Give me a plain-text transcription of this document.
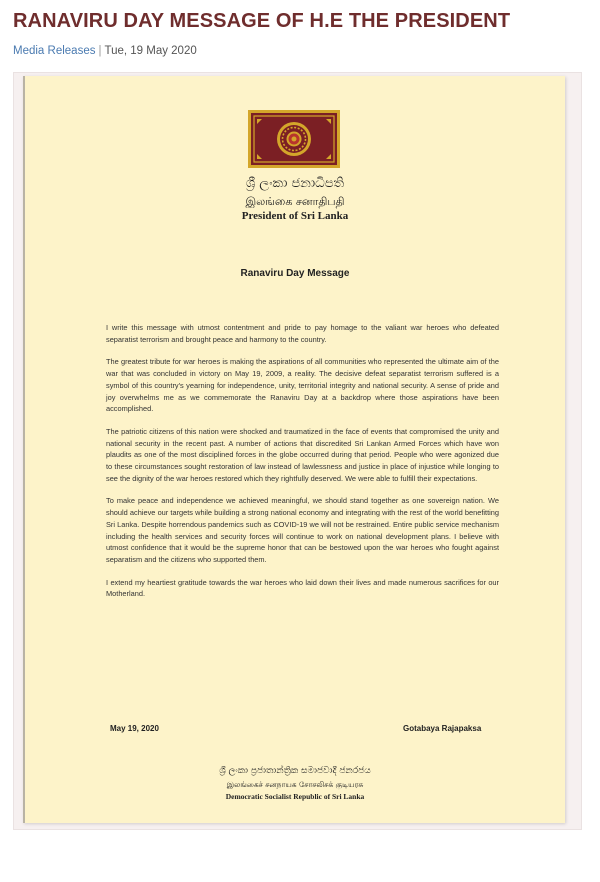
RANAVIRU DAY MESSAGE OF H.E THE PRESIDENT
Media Releases | Tue, 19 May 2020
ශ්‍රී ලංකා ජනාධිපති
இலங்கை சனாதிபதி
President of Sri Lanka
Ranaviru Day Message

I write this message with utmost contentment and pride to pay homage to the valiant war heroes who defeated separatist terrorism and brought peace and harmony to the country.

The greatest tribute for war heroes is making the aspirations of all communities who represented the ultimate aim of the war that was concluded in victory on May 19, 2009, a reality. The decisive defeat separatist terrorism suffered is a symbol of this country's yearning for independence, unity, territorial integrity and national security. A sense of pride and joy overwhelms me as we commemorate the Ranaviru Day at a backdrop where those aspirations have been accomplished.

The patriotic citizens of this nation were shocked and traumatized in the face of events that compromised the unity and national security in the recent past. A number of actions that discredited Sri Lankan Armed Forces which have won plaudits as one of the most disciplined forces in the globe occurred during that period. People who were agonized due to these circumstances sought restoration of law instead of lawlessness and justice in place of injustice while longing to see the dignity of the war heroes restored which they rightfully deserved. We were able to fulfill their expectations.

To make peace and independence we achieved meaningful, we should stand together as one sovereign nation. We should achieve our targets while building a strong national economy and integrating with the rest of the world benefitting Sri Lanka. Despite horrendous pandemics such as COVID-19 we will not be restrained. Entire public service mechanism including the health services and security forces will continue to work on national development plans. I believe with utmost confidence that it would be the supreme honor that can be bestowed upon the war heroes who fought against separatism and the citizens who supported them.

I extend my heartiest gratitude towards the war heroes who laid down their lives and made numerous sacrifices for our Motherland.

May 19, 2020	Gotabaya Rajapaksa
ශ්‍රී ලංකා ප්‍රජාතාන්ත්‍රික සමාජවාදී ජනරජය
இலங்கைச் சனநாயக சோசலிசக் குடியரசு
Democratic Socialist Republic of Sri Lanka
